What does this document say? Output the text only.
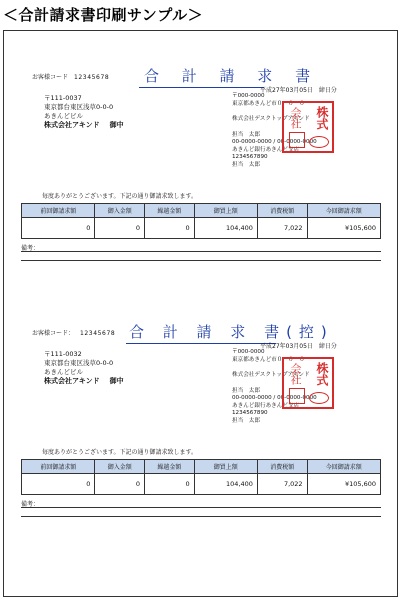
＜合計請求書印刷サンプル＞
お客様コード 12345678 合 計 請 求 書
平成27年03月05日　締日分
〒111-0037
東京都台東区浅草0-0-0
あきんどビル
株式会社アキンド 御中
〒000-0000
東京都あきんど市０－０－０
株式会社デスクトップアキンド
担当　太郎
00-0000-0000 / 00-0000-0000
あきんど銀行あきんど支店
1234567890
担当　太郎
株式
会社
毎度ありがとうございます。下記の通り御請求致します。
前回御請求額	御入金額	繰越金額	御買上額	消費税額	今回御請求額
0	0	0	104,400	7,022	¥105,600
備考：
お客様コード： 12345678 合 計 請 求 書(控)
平成27年03月05日　締日分
〒111-0032
東京都台東区浅草0-0-0
あきんどビル
株式会社アキンド 御中
〒000-0000
東京都あきんど市０－０－０
株式会社デスクトップアキンド
担当　太郎
00-0000-0000 / 00-0000-0000
あきんど銀行あきんど支店
1234567890
担当　太郎
株式
会社
毎度ありがとうございます。下記の通り御請求致します。
前回御請求額	御入金額	繰越金額	御買上額	消費税額	今回御請求額
0	0	0	104,400	7,022	¥105,600
備考：
